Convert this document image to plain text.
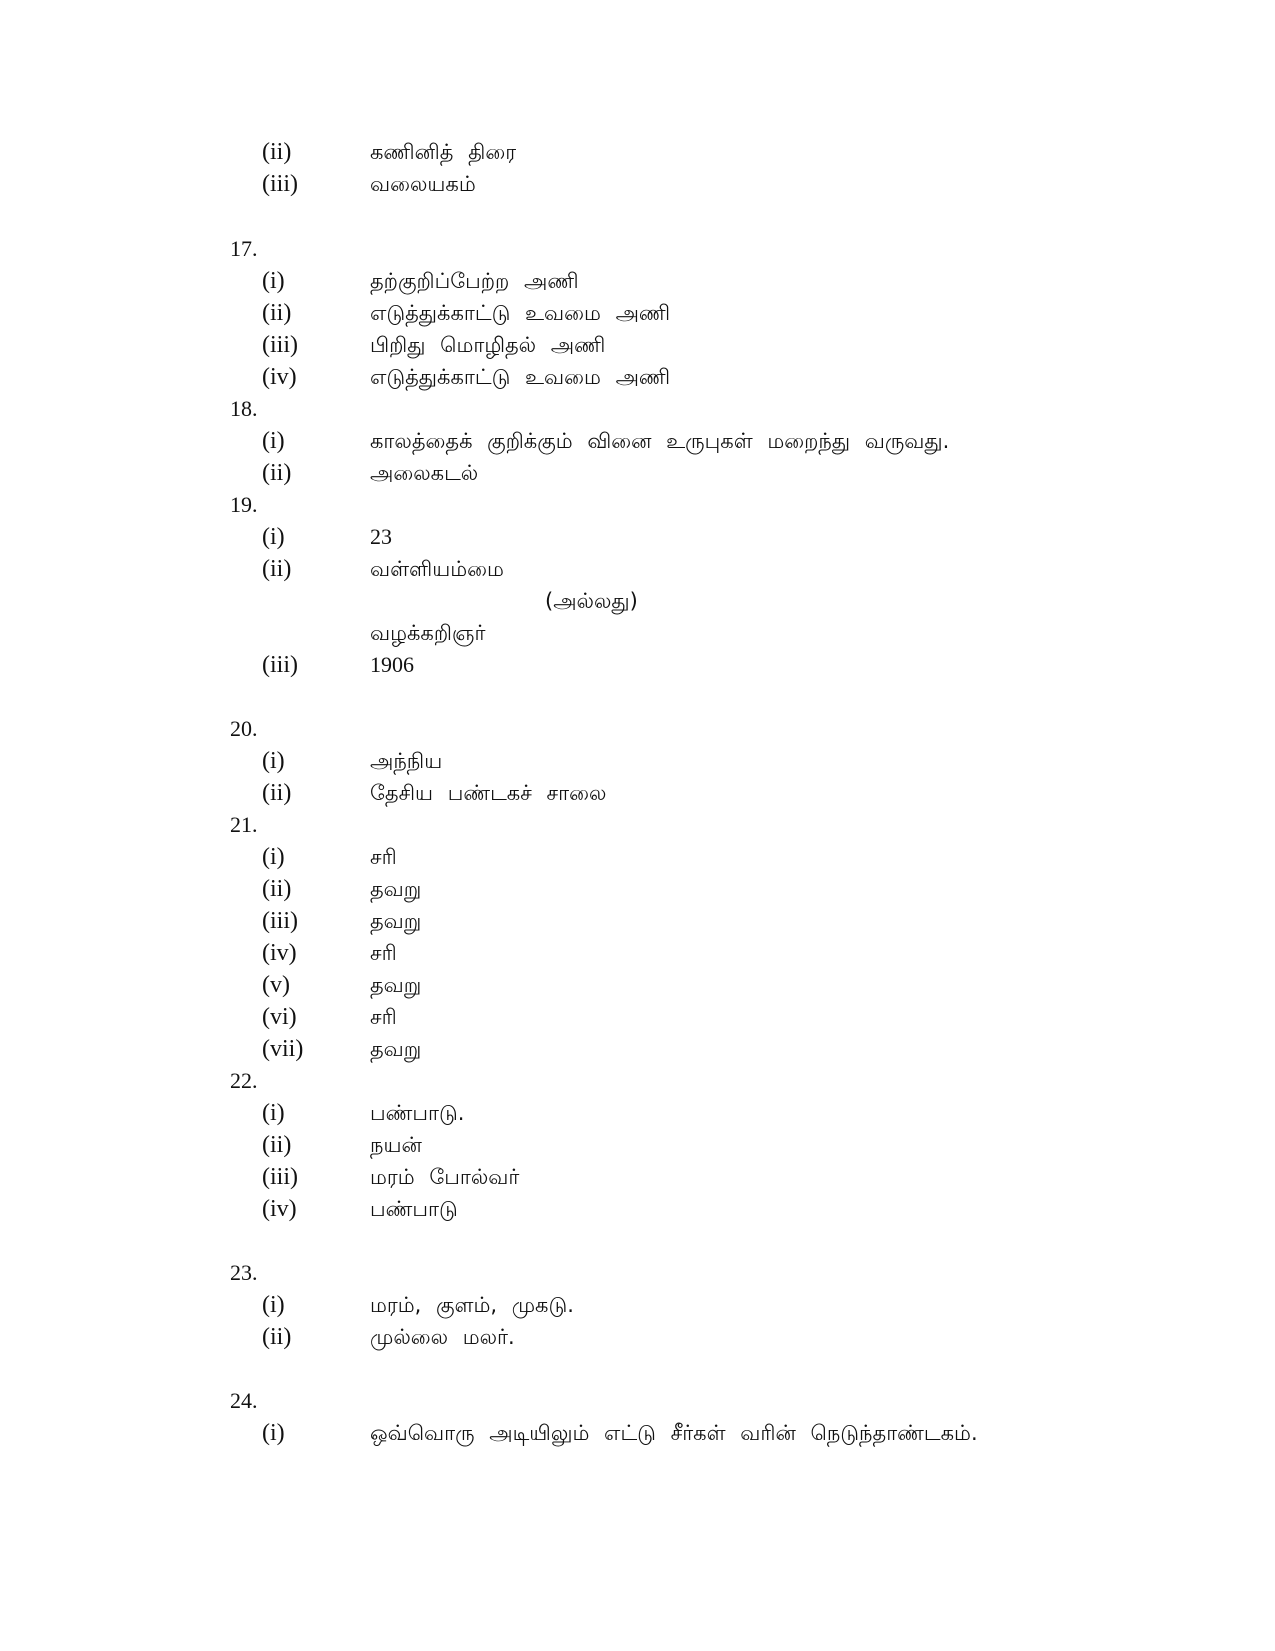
(ii)	கணினித் திரை
(iii)	வலையகம்
17.
(i)	தற்குறிப்பேற்ற அணி
(ii)	எடுத்துக்காட்டு உவமை அணி
(iii)	பிறிது மொழிதல் அணி
(iv)	எடுத்துக்காட்டு உவமை அணி
18.
(i)	காலத்தைக் குறிக்கும் வினை உருபுகள் மறைந்து வருவது.
(ii)	அலைகடல்
19.
(i)	23
(ii)	வள்ளியம்மை
(அல்லது)
வழக்கறிஞர்
(iii)	1906
20.
(i)	அந்நிய
(ii)	தேசிய பண்டகச் சாலை
21.
(i)	சரி
(ii)	தவறு
(iii)	தவறு
(iv)	சரி
(v)	தவறு
(vi)	சரி
(vii)	தவறு
22.
(i)	பண்பாடு.
(ii)	நயன்
(iii)	மரம் போல்வர்
(iv)	பண்பாடு
23.
(i)	மரம், குளம், முகடு.
(ii)	முல்லை மலர்.
24.
(i)	ஒவ்வொரு அடியிலும் எட்டு சீர்கள் வரின் நெடுந்தாண்டகம்.
